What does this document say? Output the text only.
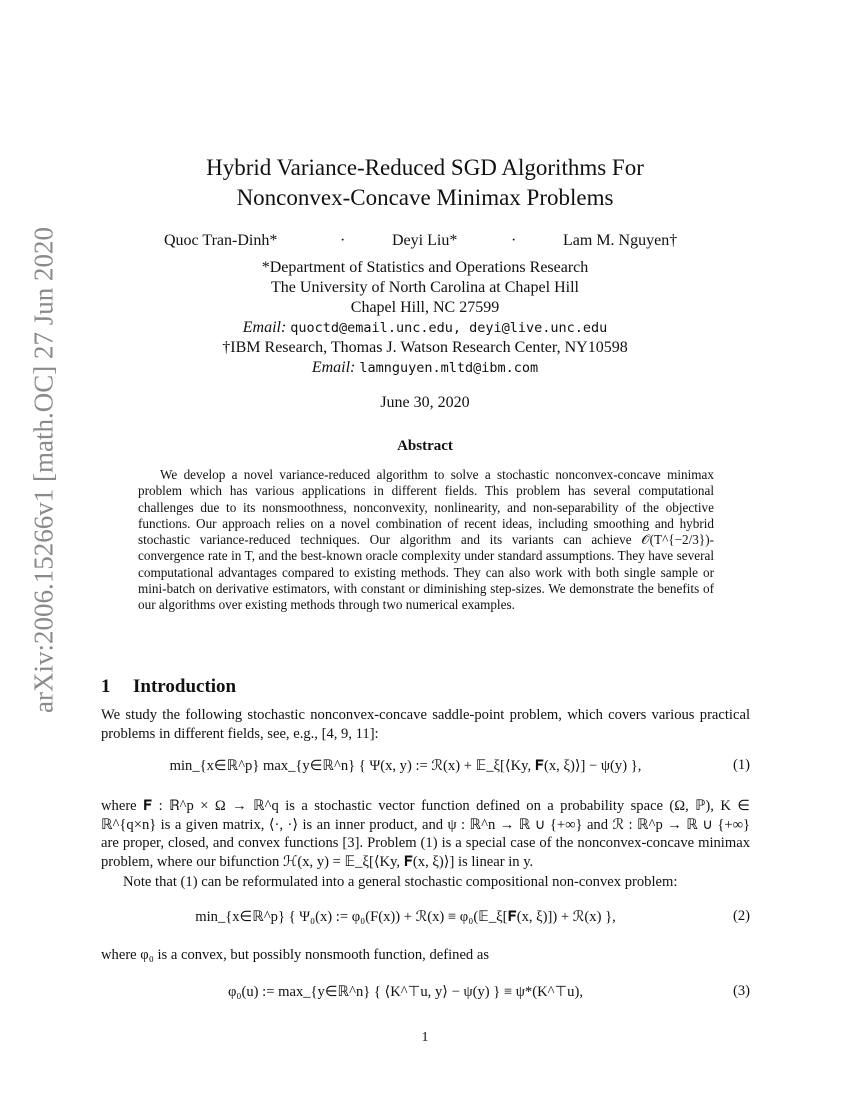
arXiv:2006.15266v1 [math.OC] 27 Jun 2020
Hybrid Variance-Reduced SGD Algorithms For
Nonconvex-Concave Minimax Problems
Quoc Tran-Dinh*	·	Deyi Liu*	·	Lam M. Nguyen†
*Department of Statistics and Operations Research
The University of North Carolina at Chapel Hill
Chapel Hill, NC 27599
Email: quoctd@email.unc.edu, deyi@live.unc.edu
†IBM Research, Thomas J. Watson Research Center, NY10598
Email: lamnguyen.mltd@ibm.com
June 30, 2020
Abstract

We develop a novel variance-reduced algorithm to solve a stochastic nonconvex-concave minimax problem which has various applications in different fields. This problem has several computational challenges due to its nonsmoothness, nonconvexity, nonlinearity, and non-separability of the objective functions. Our approach relies on a novel combination of recent ideas, including smoothing and hybrid stochastic variance-reduced techniques. Our algorithm and its variants can achieve 𝒪(T^{−2/3})-convergence rate in T, and the best-known oracle complexity under standard assumptions. They have several computational advantages compared to existing methods. They can also work with both single sample or mini-batch on derivative estimators, with constant or diminishing step-sizes. We demonstrate the benefits of our algorithms over existing methods through two numerical examples.

1 Introduction

We study the following stochastic nonconvex-concave saddle-point problem, which covers various practical problems in different fields, see, e.g., [4, 9, 11]:

min_{x∈ℝ^p} max_{y∈ℝ^n} { Ψ(x, y) := ℛ(x) + 𝔼_ξ[⟨Ky, 𝐅(x, ξ)⟩] − ψ(y) },	(1)

where 𝐅 : ℝ^p × Ω → ℝ^q is a stochastic vector function defined on a probability space (Ω, ℙ), K ∈ ℝ^{q×n} is a given matrix, ⟨·, ·⟩ is an inner product, and ψ : ℝ^n → ℝ ∪ {+∞} and ℛ : ℝ^p → ℝ ∪ {+∞} are proper, closed, and convex functions [3]. Problem (1) is a special case of the nonconvex-concave minimax problem, where our bifunction ℋ(x, y) = 𝔼_ξ[⟨Ky, 𝐅(x, ξ)⟩] is linear in y.

Note that (1) can be reformulated into a general stochastic compositional non-convex problem:

min_{x∈ℝ^p} { Ψ₀(x) := φ₀(F(x)) + ℛ(x) ≡ φ₀(𝔼_ξ[𝐅(x, ξ)]) + ℛ(x) },	(2)

where φ₀ is a convex, but possibly nonsmooth function, defined as

φ₀(u) := max_{y∈ℝ^n} { ⟨K^⊤u, y⟩ − ψ(y) } ≡ ψ*(K^⊤u),	(3)
1
